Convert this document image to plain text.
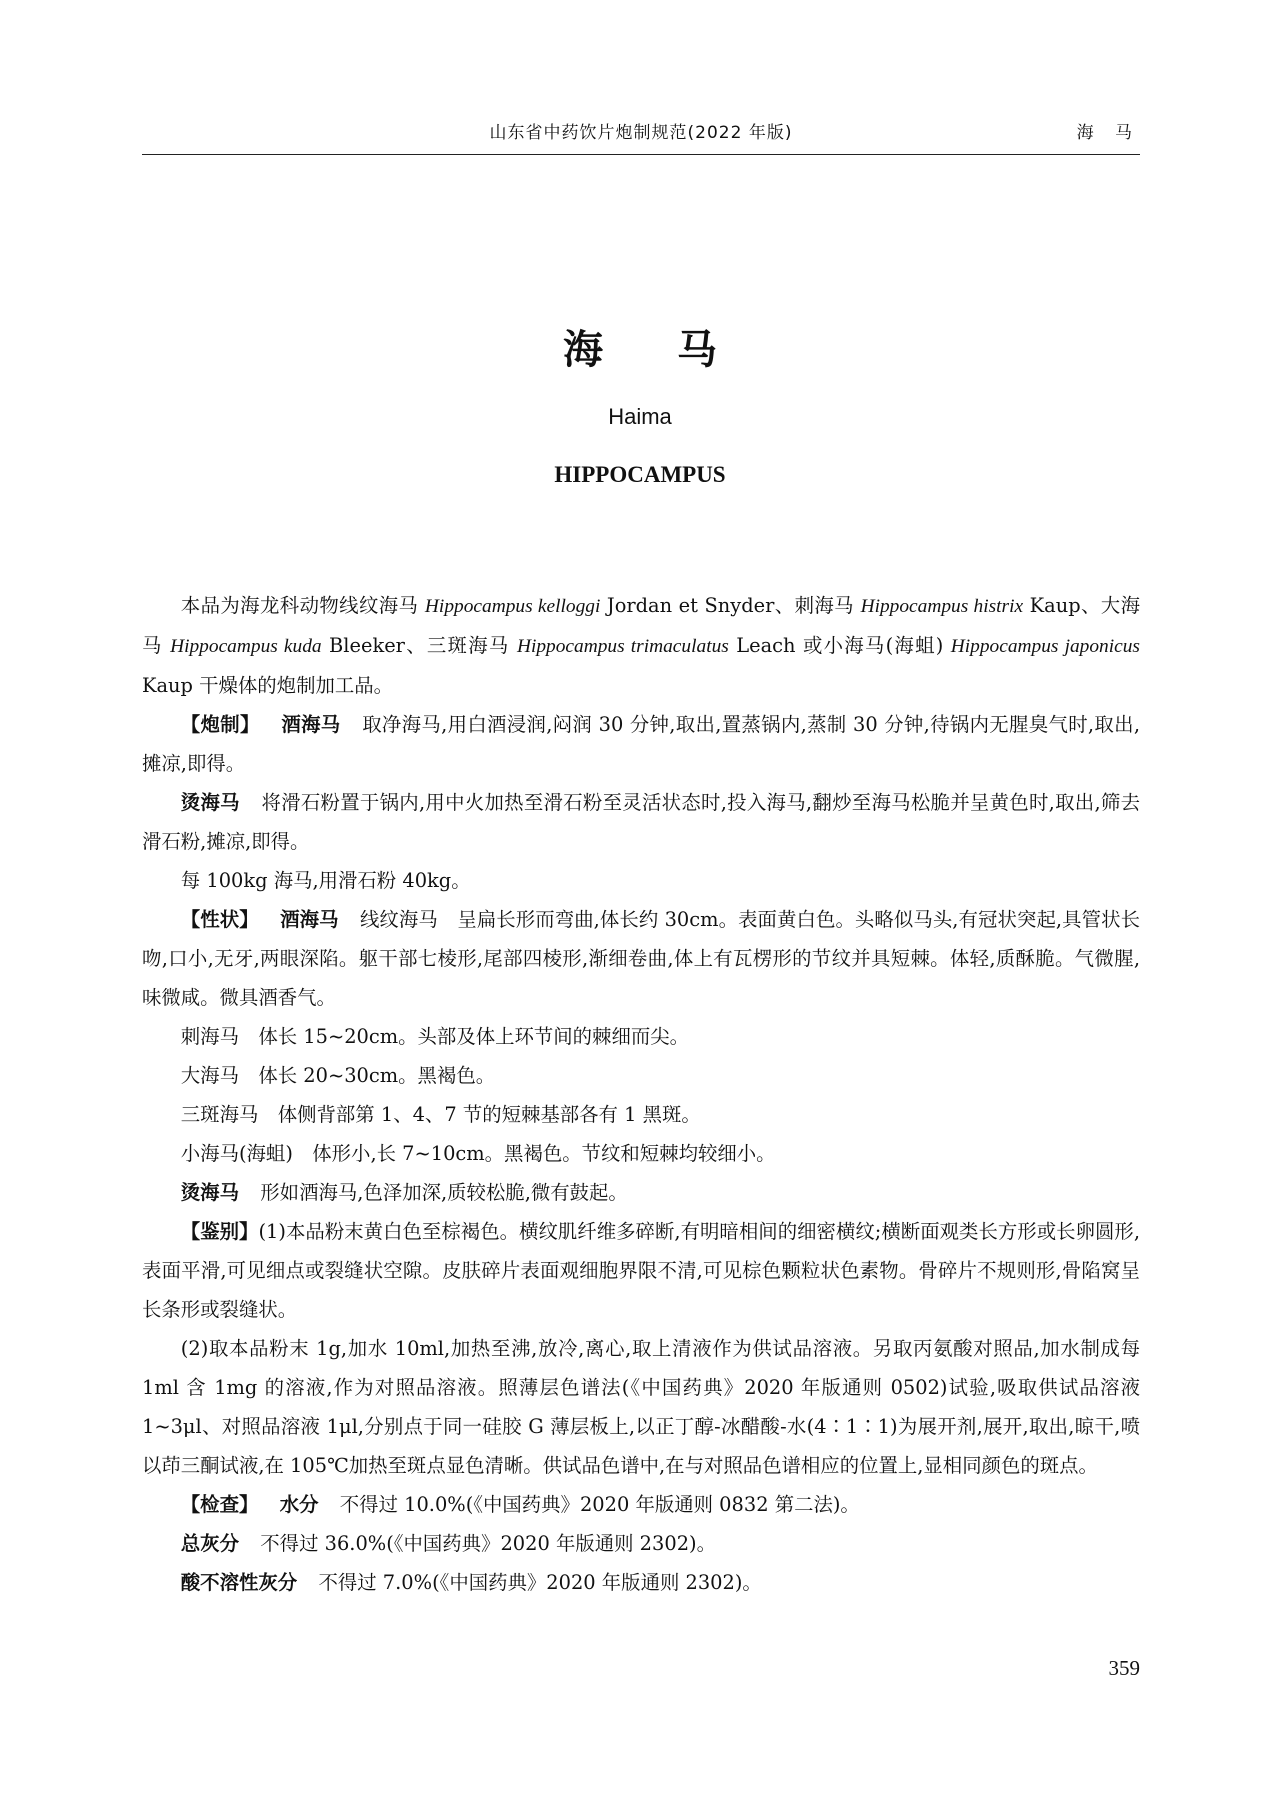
山东省中药饮片炮制规范(2022 年版)	海 马
海 马
Haima
HIPPOCAMPUS

本品为海龙科动物线纹海马 Hippocampus kelloggi Jordan et Snyder、刺海马 Hippocampus histrix Kaup、大海马 Hippocampus kuda Bleeker、三斑海马 Hippocampus trimaculatus Leach 或小海马(海蛆) Hippocampus japonicus Kaup 干燥体的炮制加工品。

【炮制】 酒海马 取净海马,用白酒浸润,闷润 30 分钟,取出,置蒸锅内,蒸制 30 分钟,待锅内无腥臭气时,取出,摊凉,即得。

烫海马 将滑石粉置于锅内,用中火加热至滑石粉至灵活状态时,投入海马,翻炒至海马松脆并呈黄色时,取出,筛去滑石粉,摊凉,即得。

每 100kg 海马,用滑石粉 40kg。

【性状】 酒海马 线纹海马　呈扁长形而弯曲,体长约 30cm。表面黄白色。头略似马头,有冠状突起,具管状长吻,口小,无牙,两眼深陷。躯干部七棱形,尾部四棱形,渐细卷曲,体上有瓦楞形的节纹并具短棘。体轻,质酥脆。气微腥,味微咸。微具酒香气。

刺海马　体长 15~20cm。头部及体上环节间的棘细而尖。

大海马　体长 20~30cm。黑褐色。

三斑海马　体侧背部第 1、4、7 节的短棘基部各有 1 黑斑。

小海马(海蛆)　体形小,长 7~10cm。黑褐色。节纹和短棘均较细小。

烫海马 形如酒海马,色泽加深,质较松脆,微有鼓起。

【鉴别】(1)本品粉末黄白色至棕褐色。横纹肌纤维多碎断,有明暗相间的细密横纹;横断面观类长方形或长卵圆形,表面平滑,可见细点或裂缝状空隙。皮肤碎片表面观细胞界限不清,可见棕色颗粒状色素物。骨碎片不规则形,骨陷窝呈长条形或裂缝状。

(2)取本品粉末 1g,加水 10ml,加热至沸,放冷,离心,取上清液作为供试品溶液。另取丙氨酸对照品,加水制成每 1ml 含 1mg 的溶液,作为对照品溶液。照薄层色谱法(《中国药典》2020 年版通则 0502)试验,吸取供试品溶液 1~3μl、对照品溶液 1μl,分别点于同一硅胶 G 薄层板上,以正丁醇-冰醋酸-水(4∶1∶1)为展开剂,展开,取出,晾干,喷以茚三酮试液,在 105℃加热至斑点显色清晰。供试品色谱中,在与对照品色谱相应的位置上,显相同颜色的斑点。

【检查】 水分 不得过 10.0%(《中国药典》2020 年版通则 0832 第二法)。

总灰分 不得过 36.0%(《中国药典》2020 年版通则 2302)。

酸不溶性灰分 不得过 7.0%(《中国药典》2020 年版通则 2302)。

359
